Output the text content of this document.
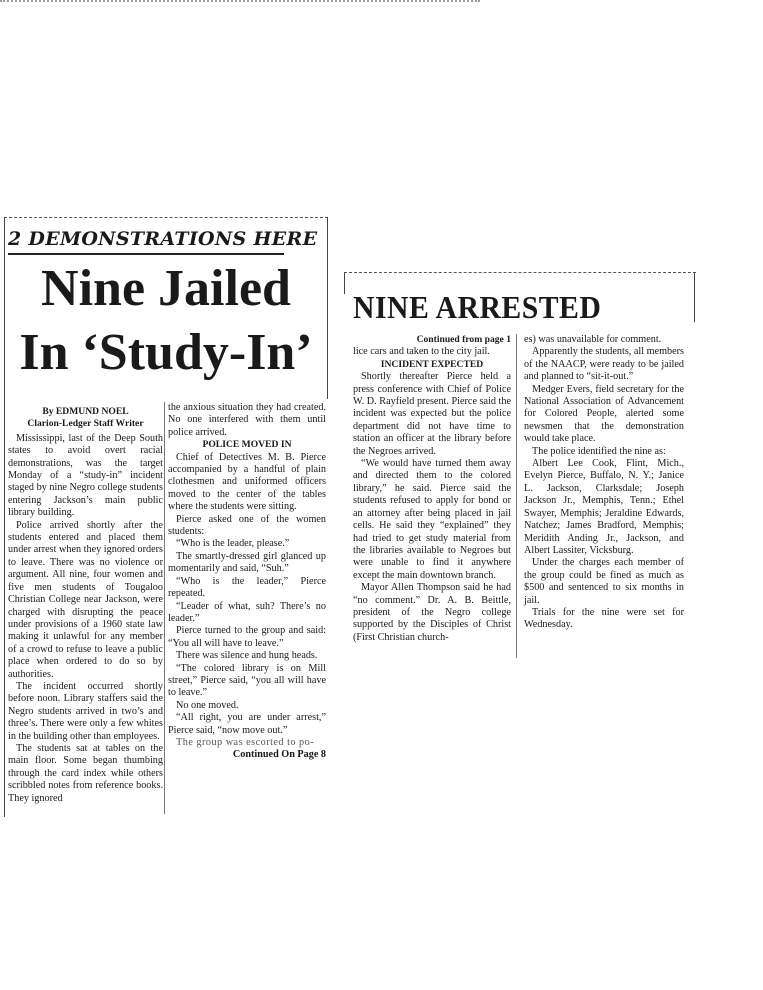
2 DEMONSTRATIONS HERE
Nine Jailed
In ‘Study-In’

By EDMUND NOEL

Clarion-Ledger Staff Writer

Mississippi, last of the Deep South states to avoid overt racial demonstrations, was the target Monday of a “study-in” incident staged by nine Negro college students entering Jackson’s main public library building.

Police arrived shortly after the students entered and placed them under arrest when they ignored orders to leave. There was no violence or argument. All nine, four women and five men students of Tougaloo Christian College near Jackson, were charged with disrupting the peace under provisions of a 1960 state law making it unlawful for any member of a crowd to refuse to leave a public place when ordered to do so by authorities.

The incident occurred shortly before noon. Library staffers said the Negro students arrived in two’s and three’s. There were only a few whites in the building other than employees.

The students sat at tables on the main floor. Some began thumbing through the card index while others scribbled notes from reference books. They ignored

the anxious situation they had created. No one interfered with them until police arrived.

POLICE MOVED IN

Chief of Detectives M. B. Pierce accompanied by a handful of plain clothesmen and uniformed officers moved to the center of the tables where the students were sitting.

Pierce asked one of the women students:

“Who is the leader, please.”

The smartly-dressed girl glanced up momentarily and said, “Suh.”

“Who is the leader,” Pierce repeated.

“Leader of what, suh? There’s no leader.”

Pierce turned to the group and said: “You all will have to leave.”

There was silence and hung heads.

“The colored library is on Mill street,” Pierce said, “you all will have to leave.”

No one moved.

“All right, you are under arrest,” Pierce said, “now move out.”

The group was escorted to po-

Continued On Page 8

NINE ARRESTED

Continued from page 1

lice cars and taken to the city jail.

INCIDENT EXPECTED

Shortly thereafter Pierce held a press conference with Chief of Police W. D. Rayfield present. Pierce said the incident was expected but the police department did not have time to station an officer at the library before the Negroes arrived.

“We would have turned them away and directed them to the colored library,” he said. Pierce said the students refused to apply for bond or an attorney after being placed in jail cells. He said they “explained” they had tried to get study material from the libraries available to Negroes but were unable to find it anywhere except the main downtown branch.

Mayor Allen Thompson said he had “no comment.” Dr. A. B. Beittle, president of the Negro college supported by the Disciples of Christ (First Christian church-

es) was unavailable for comment.

Apparently the students, all members of the NAACP, were ready to be jailed and planned to “sit-it-out.”

Medger Evers, field secretary for the National Association of Advancement for Colored People, alerted some newsmen that the demonstration would take place.

The police identified the nine as:

Albert Lee Cook, Flint, Mich., Evelyn Pierce, Buffalo, N. Y.; Janice L. Jackson, Clarksdale; Joseph Jackson Jr., Memphis, Tenn.; Ethel Swayer, Memphis; Jeraldine Edwards, Natchez; James Bradford, Memphis; Meridith Anding Jr., Jackson, and Albert Lassiter, Vicksburg.

Under the charges each member of the group could be fined as much as $500 and sentenced to six months in jail.

Trials for the nine were set for Wednesday.
